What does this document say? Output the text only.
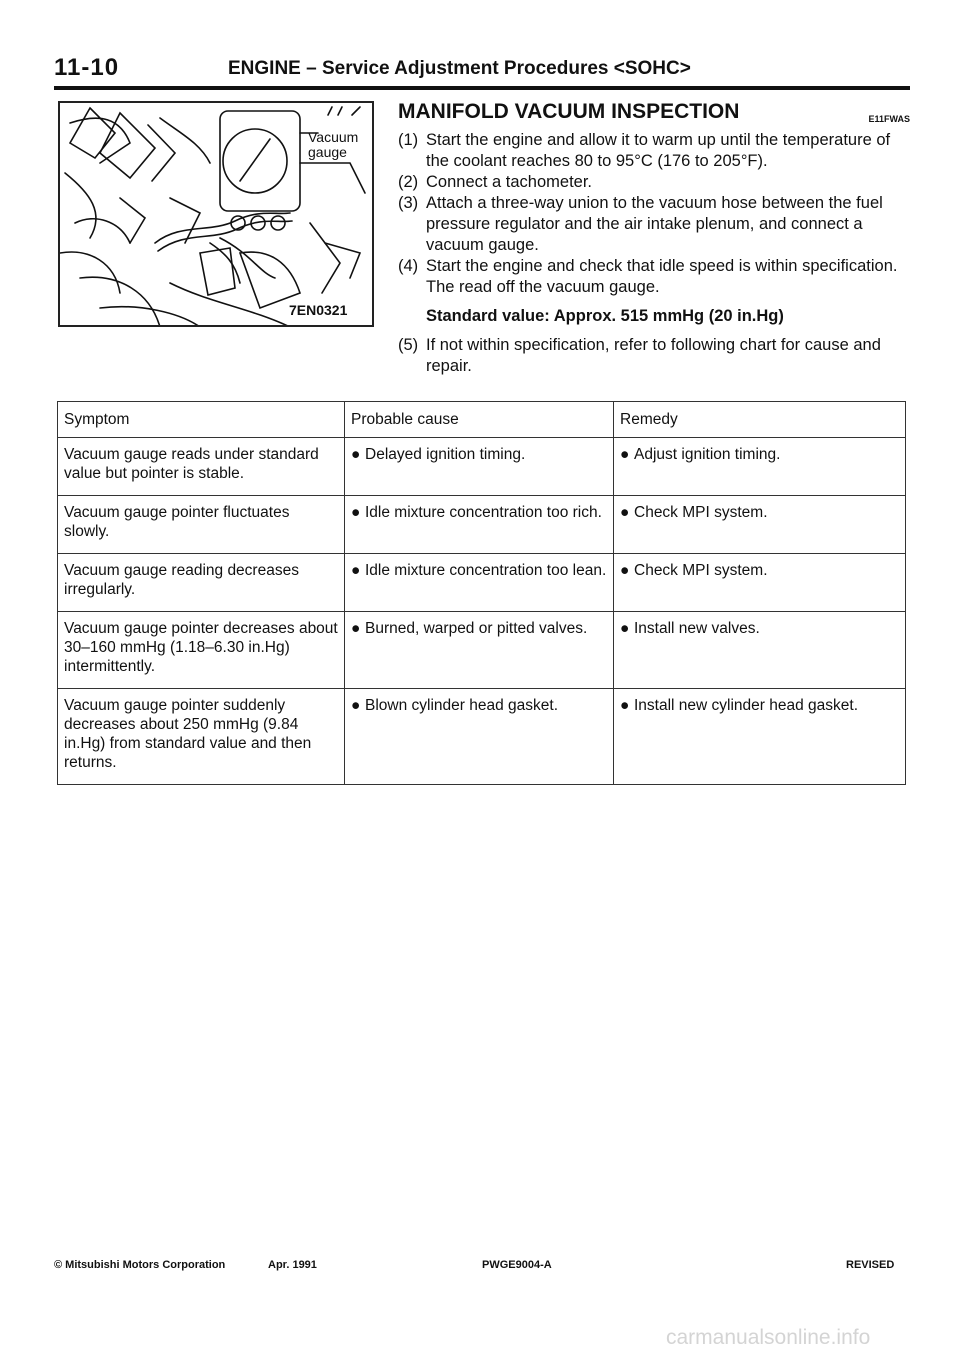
11-10	ENGINE – Service Adjustment Procedures <SOHC>
Vacuum gauge
7EN0321
MANIFOLD VACUUM INSPECTION	E11FWAS
(1) Start the engine and allow it to warm up until the temperature of the coolant reaches 80 to 95°C (176 to 205°F).
(2) Connect a tachometer.
(3) Attach a three-way union to the vacuum hose between the fuel pressure regulator and the air intake plenum, and connect a vacuum gauge.
(4) Start the engine and check that idle speed is within specification. The read off the vacuum gauge.
Standard value: Approx. 515 mmHg (20 in.Hg)
(5) If not within specification, refer to following chart for cause and repair.
Symptom	Probable cause	Remedy
Vacuum gauge reads under standard value but pointer is stable.	● Delayed ignition timing.	● Adjust ignition timing.
Vacuum gauge pointer fluctuates slowly.	● Idle mixture concentration too rich.	● Check MPI system.
Vacuum gauge reading decreases irregularly.	● Idle mixture concentration too lean.	● Check MPI system.
Vacuum gauge pointer decreases about 30–160 mmHg (1.18–6.30 in.Hg) intermittently.	● Burned, warped or pitted valves.	● Install new valves.
Vacuum gauge pointer suddenly decreases about 250 mmHg (9.84 in.Hg) from standard value and then returns.	● Blown cylinder head gasket.	● Install new cylinder head gasket.
© Mitsubishi Motors Corporation	Apr. 1991	PWGE9004-A	REVISED
carmanualsonline.info
